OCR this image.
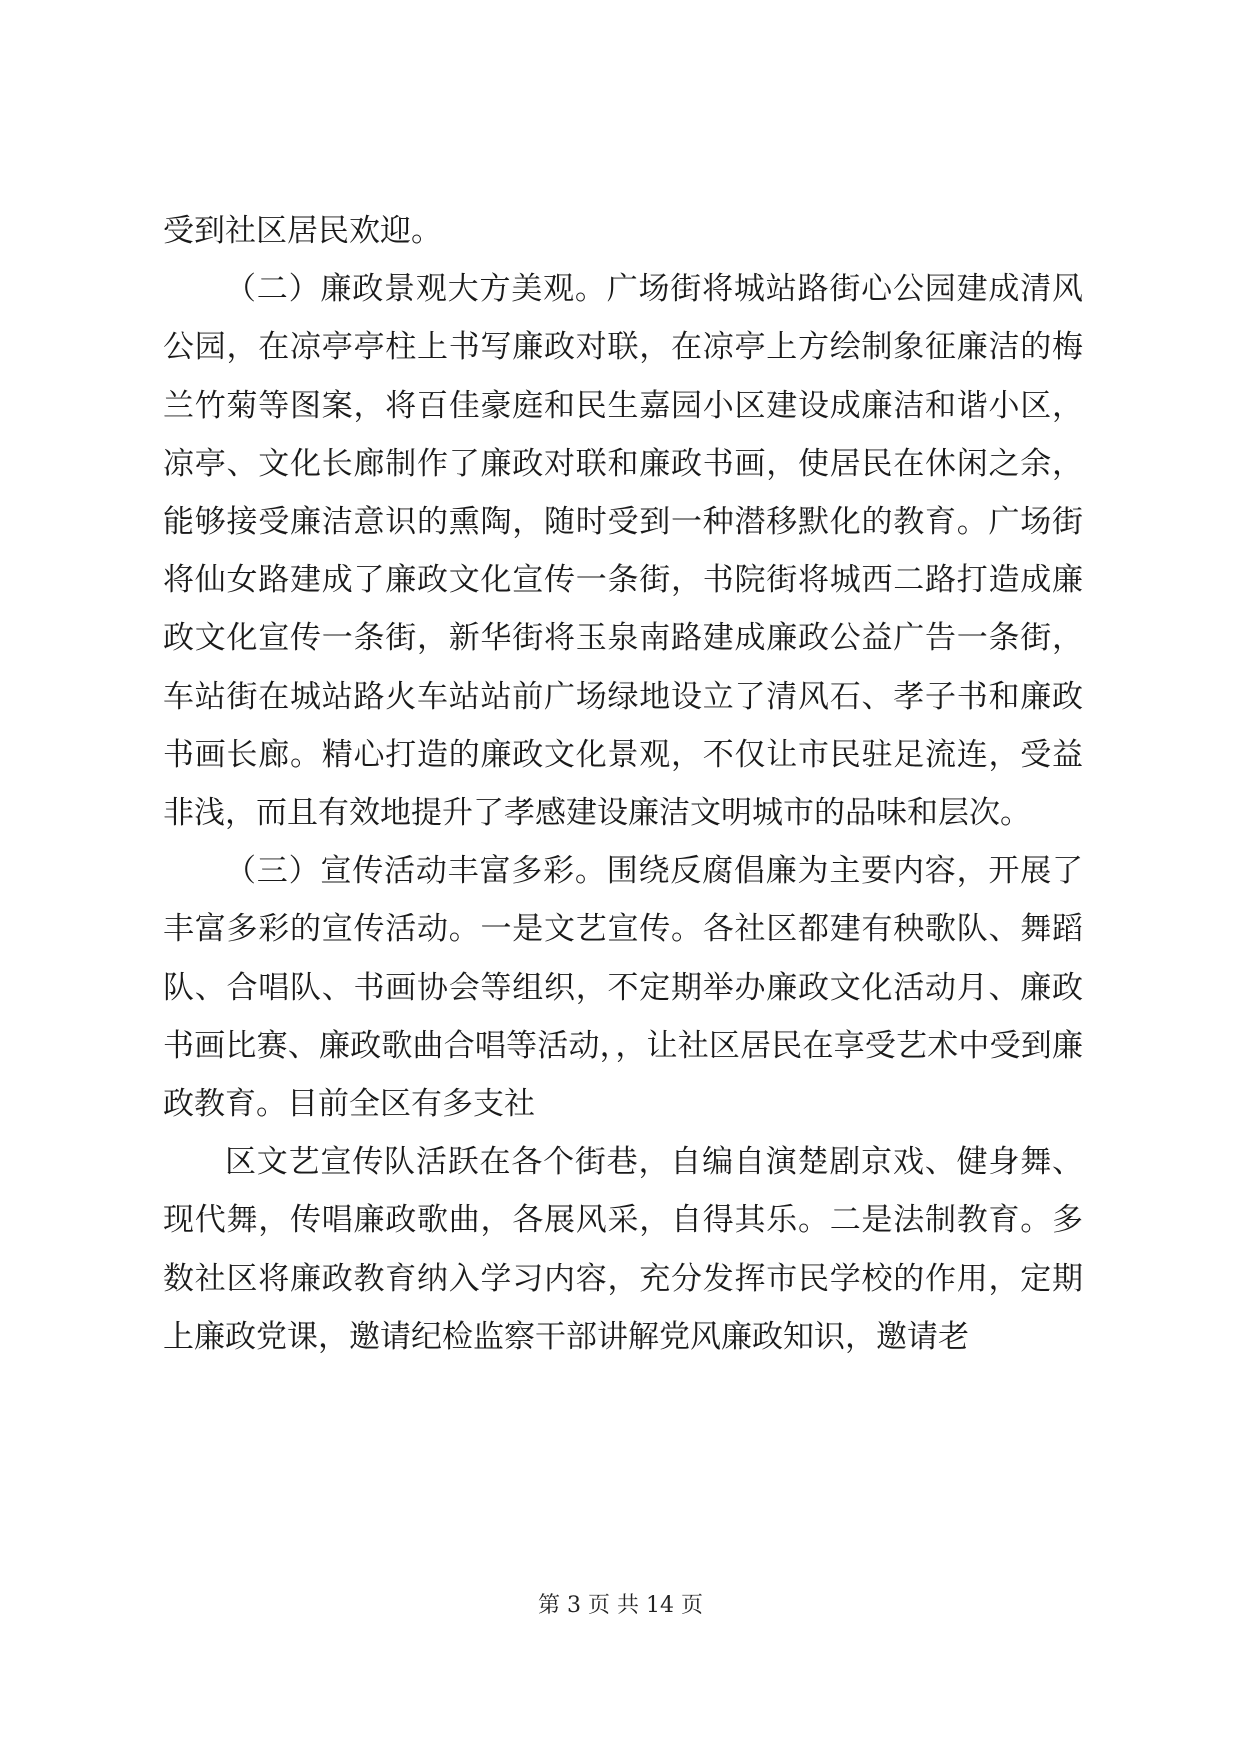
受到社区居民欢迎。

（二）廉政景观大方美观。广场街将城站路街心公园建成清风公园，在凉亭亭柱上书写廉政对联，在凉亭上方绘制象征廉洁的梅兰竹菊等图案，将百佳豪庭和民生嘉园小区建设成廉洁和谐小区，凉亭、文化长廊制作了廉政对联和廉政书画，使居民在休闲之余，能够接受廉洁意识的熏陶，随时受到一种潜移默化的教育。广场街将仙女路建成了廉政文化宣传一条街，书院街将城西二路打造成廉政文化宣传一条街，新华街将玉泉南路建成廉政公益广告一条街，车站街在城站路火车站站前广场绿地设立了清风石、孝子书和廉政书画长廊。精心打造的廉政文化景观，不仅让市民驻足流连，受益非浅，而且有效地提升了孝感建设廉洁文明城市的品味和层次。

（三）宣传活动丰富多彩。围绕反腐倡廉为主要内容，开展了丰富多彩的宣传活动。一是文艺宣传。各社区都建有秧歌队、舞蹈队、合唱队、书画协会等组织，不定期举办廉政文化活动月、廉政书画比赛、廉政歌曲合唱等活动，，让社区居民在享受艺术中受到廉政教育。目前全区有多支社

区文艺宣传队活跃在各个街巷，自编自演楚剧京戏、健身舞、现代舞，传唱廉政歌曲，各展风采，自得其乐。二是法制教育。多数社区将廉政教育纳入学习内容，充分发挥市民学校的作用，定期上廉政党课，邀请纪检监察干部讲解党风廉政知识，邀请老

第 3 页 共 14 页
